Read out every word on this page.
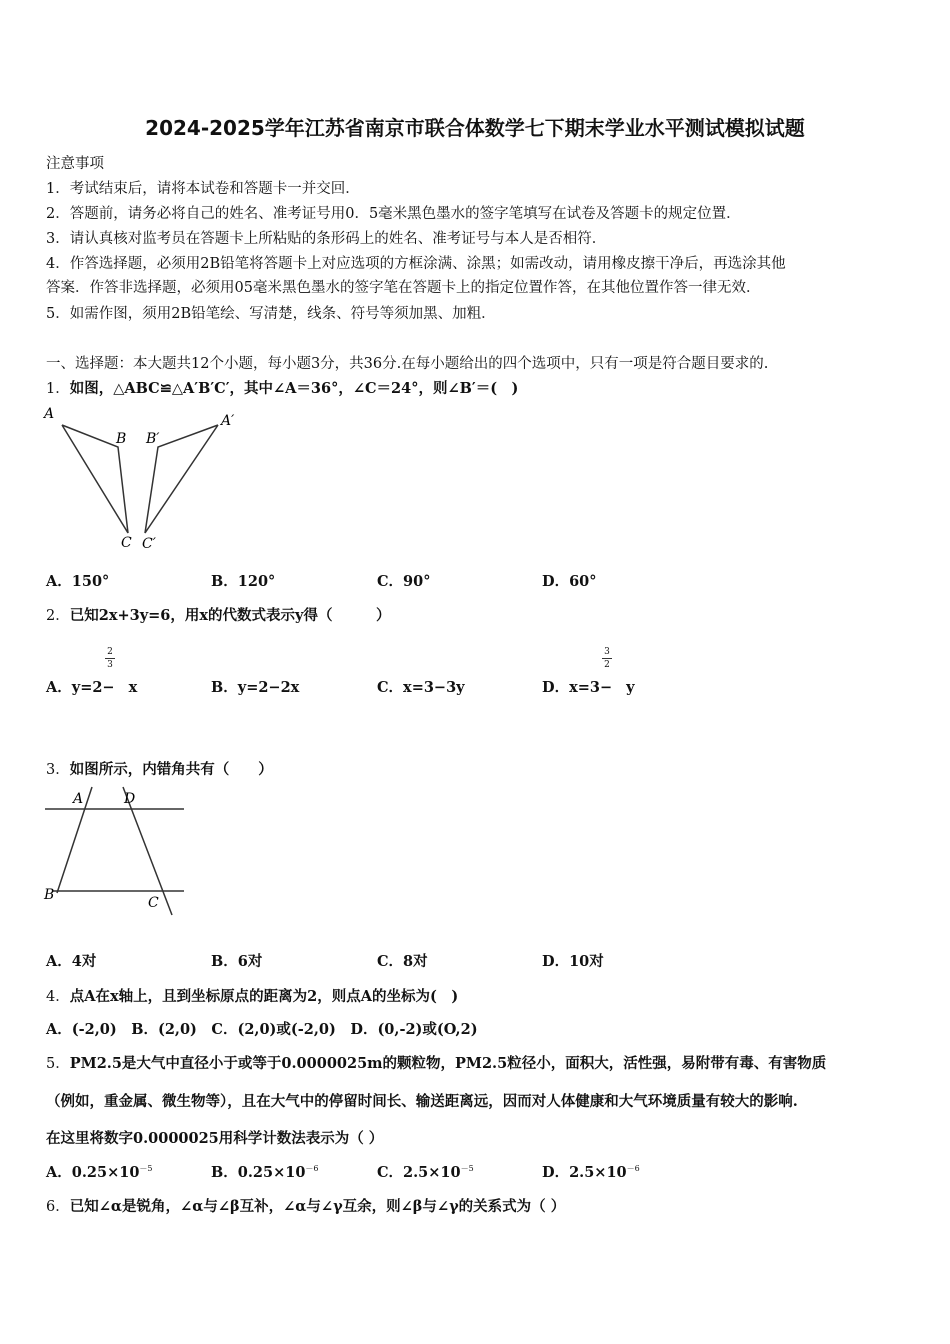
2024-2025学年江苏省南京市联合体数学七下期末学业水平测试模拟试题
注意事项
1．考试结束后，请将本试卷和答题卡一并交回．
2．答题前，请务必将自己的姓名、准考证号用0．5毫米黑色墨水的签字笔填写在试卷及答题卡的规定位置．
3．请认真核对监考员在答题卡上所粘贴的条形码上的姓名、准考证号与本人是否相符．
4．作答选择题，必须用2B铅笔将答题卡上对应选项的方框涂满、涂黑；如需改动，请用橡皮擦干净后，再选涂其他
答案．作答非选择题，必须用05毫米黑色墨水的签字笔在答题卡上的指定位置作答，在其他位置作答一律无效．
5．如需作图，须用2B铅笔绘、写清楚，线条、符号等须加黑、加粗．
一、选择题：本大题共12个小题，每小题3分，共36分.在每小题给出的四个选项中，只有一项是符合题目要求的.
1．如图，△ABC≌△A′B′C′，其中∠A＝36°，∠C＝24°，则∠B′＝(　)
A
B
C
B′
A′
C′
A．150°	B．120°	C．90°	D．60°
2．已知2x+3y=6，用x的代数式表示y得（　　　）
A．y=2− x
2
3
B．y=2−2x	C．x=3−3y	D．x=3− y
3
2
3．如图所示，内错角共有（　　）
A	D
B	C
A．4对	B．6对	C．8对	D．10对
4．点A在x轴上，且到坐标原点的距离为2，则点A的坐标为(　)
A．(-2,0)　B．(2,0)　C．(2,0)或(-2,0)　D．(0,-2)或(O,2)
5．PM2.5是大气中直径小于或等于0.0000025m的颗粒物，PM2.5粒径小，面积大，活性强，易附带有毒、有害物质
（例如，重金属、微生物等），且在大气中的停留时间长、输送距离远，因而对人体健康和大气环境质量有较大的影响.
在这里将数字0.0000025用科学计数法表示为（ ）
A．$0.25\times 10^{-5}$	B．$0.25\times 10^{-6}$	C．$2.5\times 10^{-5}$	D．$2.5\times 10^{-6}$
6．已知∠α是锐角，∠α与∠β互补，∠α与∠γ互余，则∠β与∠γ的关系式为（ ）
